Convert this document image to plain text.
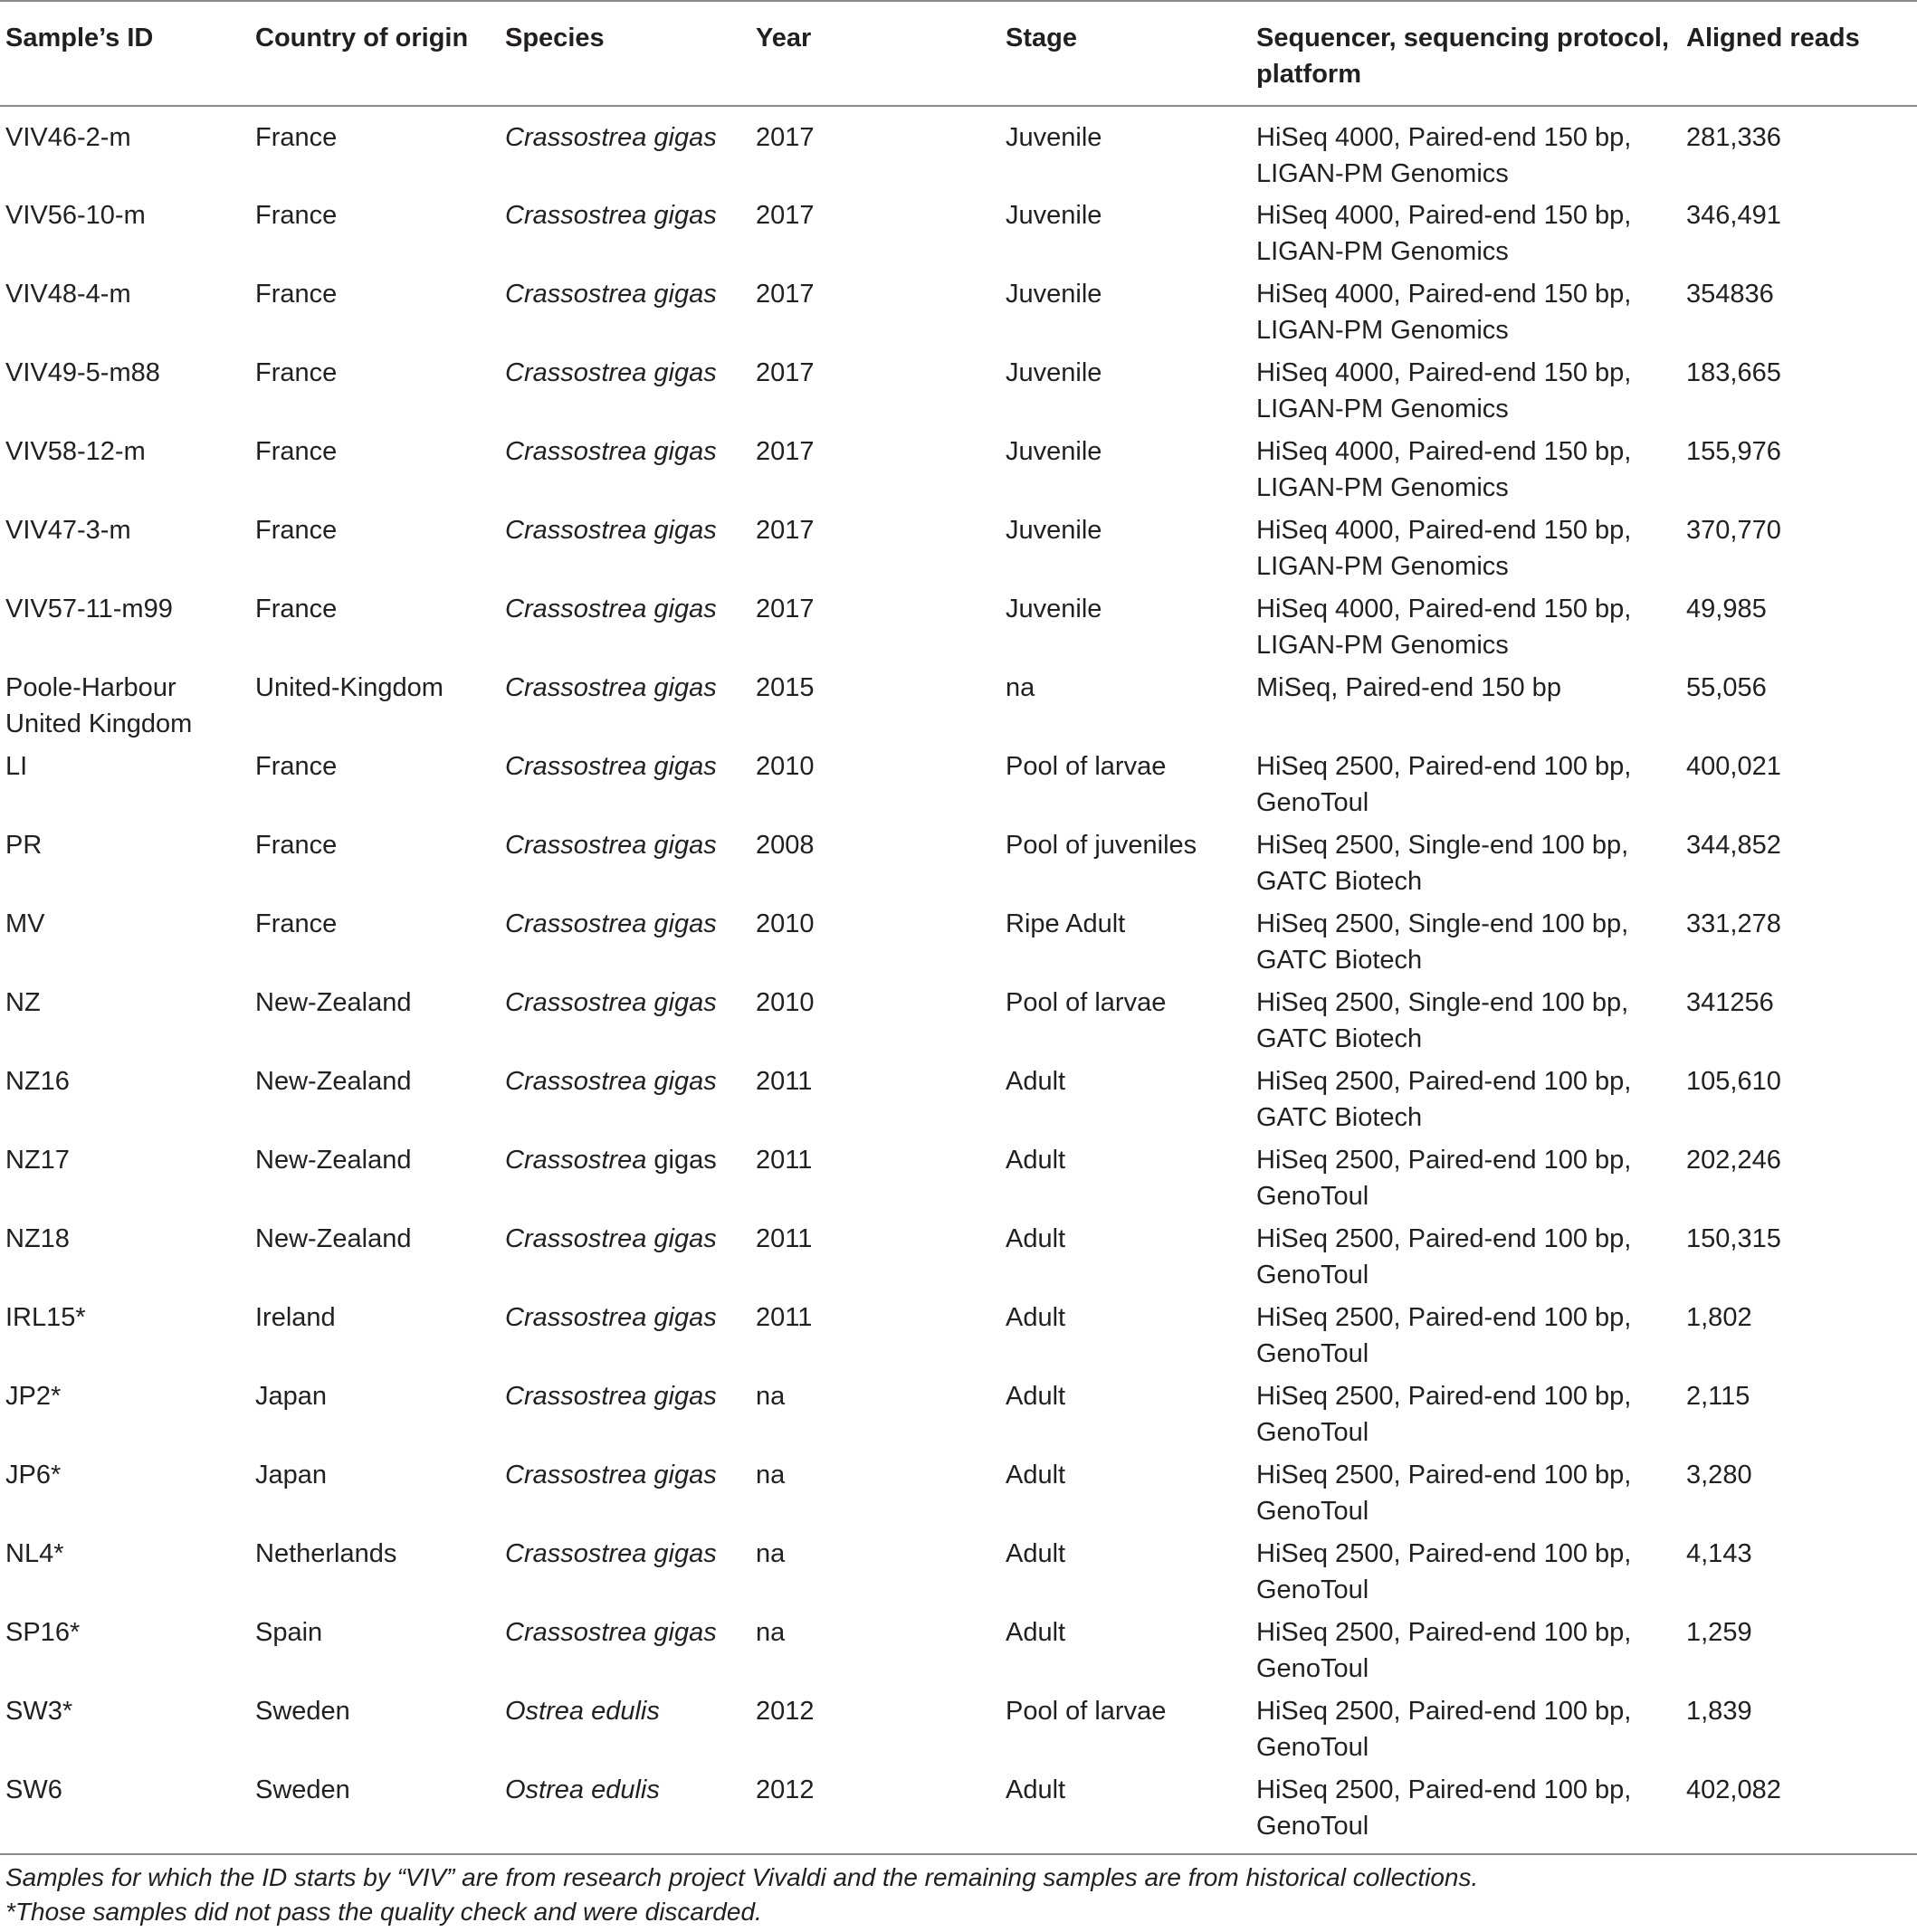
Sample’s ID	Country of origin	Species	Year	Stage	Sequencer, sequencing protocol, platform	Aligned reads
VIV46-2-m	France	Crassostrea gigas	2017	Juvenile	HiSeq 4000, Paired-end 150 bp, LIGAN-PM Genomics	281,336
VIV56-10-m	France	Crassostrea gigas	2017	Juvenile	HiSeq 4000, Paired-end 150 bp, LIGAN-PM Genomics	346,491
VIV48-4-m	France	Crassostrea gigas	2017	Juvenile	HiSeq 4000, Paired-end 150 bp, LIGAN-PM Genomics	354836
VIV49-5-m88	France	Crassostrea gigas	2017	Juvenile	HiSeq 4000, Paired-end 150 bp, LIGAN-PM Genomics	183,665
VIV58-12-m	France	Crassostrea gigas	2017	Juvenile	HiSeq 4000, Paired-end 150 bp, LIGAN-PM Genomics	155,976
VIV47-3-m	France	Crassostrea gigas	2017	Juvenile	HiSeq 4000, Paired-end 150 bp, LIGAN-PM Genomics	370,770
VIV57-11-m99	France	Crassostrea gigas	2017	Juvenile	HiSeq 4000, Paired-end 150 bp, LIGAN-PM Genomics	49,985
Poole-Harbour United Kingdom	United-Kingdom	Crassostrea gigas	2015	na	MiSeq, Paired-end 150 bp	55,056
LI	France	Crassostrea gigas	2010	Pool of larvae	HiSeq 2500, Paired-end 100 bp, GenoToul	400,021
PR	France	Crassostrea gigas	2008	Pool of juveniles	HiSeq 2500, Single-end 100 bp, GATC Biotech	344,852
MV	France	Crassostrea gigas	2010	Ripe Adult	HiSeq 2500, Single-end 100 bp, GATC Biotech	331,278
NZ	New-Zealand	Crassostrea gigas	2010	Pool of larvae	HiSeq 2500, Single-end 100 bp, GATC Biotech	341256
NZ16	New-Zealand	Crassostrea gigas	2011	Adult	HiSeq 2500, Paired-end 100 bp, GATC Biotech	105,610
NZ17	New-Zealand	Crassostrea gigas	2011	Adult	HiSeq 2500, Paired-end 100 bp, GenoToul	202,246
NZ18	New-Zealand	Crassostrea gigas	2011	Adult	HiSeq 2500, Paired-end 100 bp, GenoToul	150,315
IRL15*	Ireland	Crassostrea gigas	2011	Adult	HiSeq 2500, Paired-end 100 bp, GenoToul	1,802
JP2*	Japan	Crassostrea gigas	na	Adult	HiSeq 2500, Paired-end 100 bp, GenoToul	2,115
JP6*	Japan	Crassostrea gigas	na	Adult	HiSeq 2500, Paired-end 100 bp, GenoToul	3,280
NL4*	Netherlands	Crassostrea gigas	na	Adult	HiSeq 2500, Paired-end 100 bp, GenoToul	4,143
SP16*	Spain	Crassostrea gigas	na	Adult	HiSeq 2500, Paired-end 100 bp, GenoToul	1,259
SW3*	Sweden	Ostrea edulis	2012	Pool of larvae	HiSeq 2500, Paired-end 100 bp, GenoToul	1,839
SW6	Sweden	Ostrea edulis	2012	Adult	HiSeq 2500, Paired-end 100 bp, GenoToul	402,082
Samples for which the ID starts by “VIV” are from research project Vivaldi and the remaining samples are from historical collections.
*Those samples did not pass the quality check and were discarded.
